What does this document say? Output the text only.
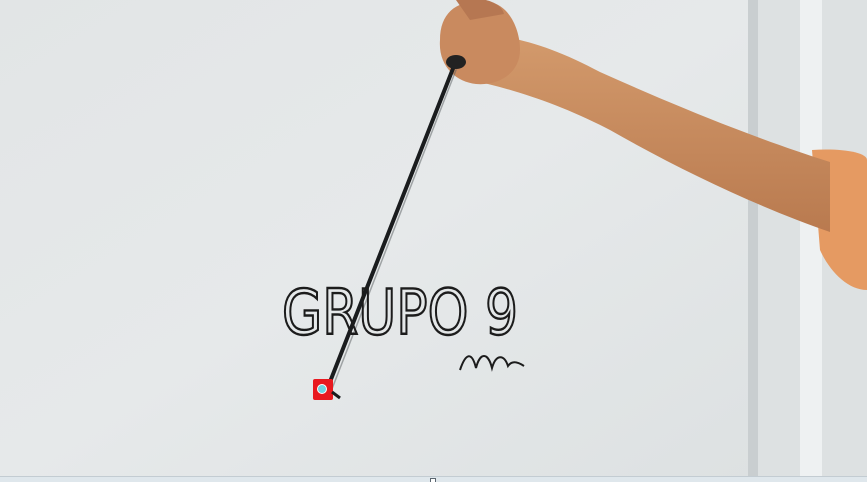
GRUPO 9
